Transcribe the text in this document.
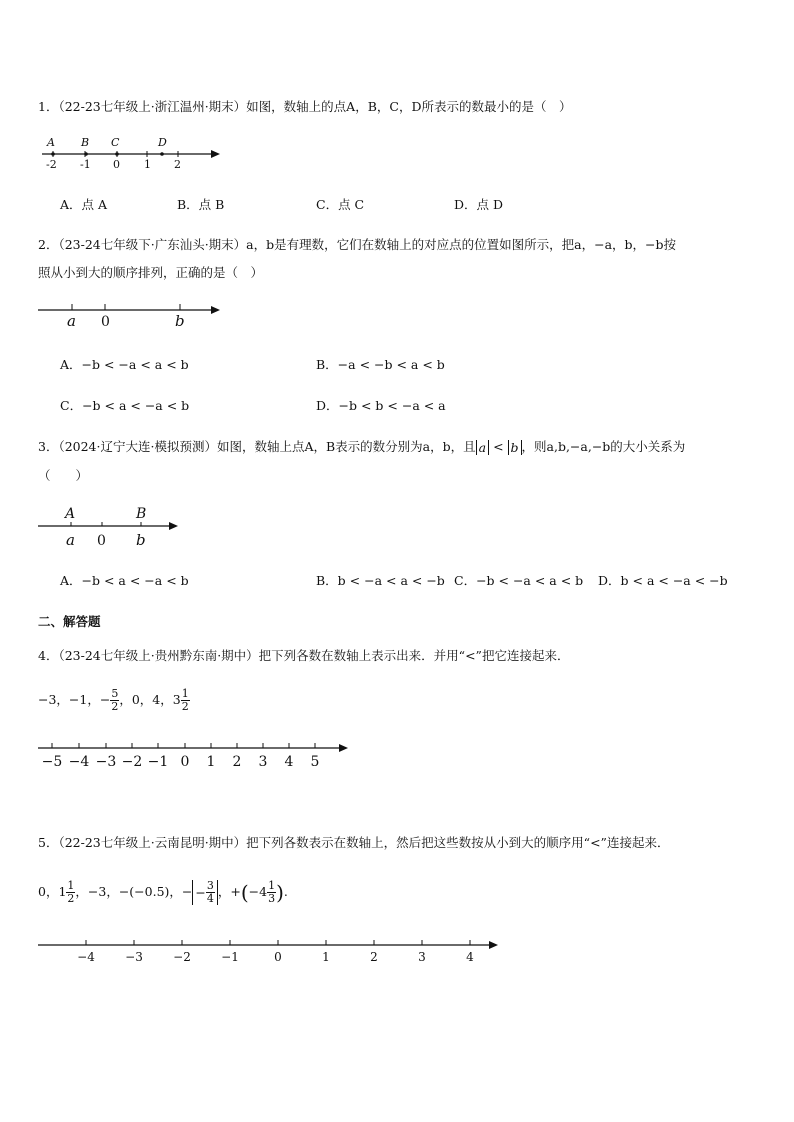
1．（22-23七年级上·浙江温州·期末）如图，数轴上的点A，B，C，D所表示的数最小的是（　）
A B C	D
-2 -1 0 1 2
A．点 A	B．点 B	C．点 C	D．点 D
2．（23-24七年级下·广东汕头·期末）a，b是有理数，它们在数轴上的对应点的位置如图所示，把a，−a，b，−b按
照从小到大的顺序排列，正确的是（　）
a 0	b
A．−b < −a < a < b	B．−a < −b < a < b
C．−b < a < −a < b	D．−b < b < −a < a
3．（2024·辽宁大连·模拟预测）如图，数轴上点A，B表示的数分别为a，b，且 a < b ，则a,b,−a,−b的大小关系为
（　　）
A	B
a 0 b
A．−b < a < −a < b	B．b < −a < a < −b C．−b < −a < a < b D．b < a < −a < −b
二、解答题
4．（23-24七年级上·贵州黔东南·期中）把下列各数在数轴上表示出来．并用“<”把它连接起来．
−3，−1，− $\frac{5}{2}$ ，0，4，$3 \frac{1}{2}$
−5 −4 −3 −2 −1 0 1 2 3 4 5
5．（22-23七年级上·云南昆明·期中）把下列各数表示在数轴上，然后把这些数按从小到大的顺序用“<”连接起来．
0，$1 \frac{1}{2}$ ，−3，−(−0.5)，− − $\frac{3}{4}$ ，$+(-4 \frac{1}{3}$ ).
−4	−3	−2	−1	0	1	2	3	4
